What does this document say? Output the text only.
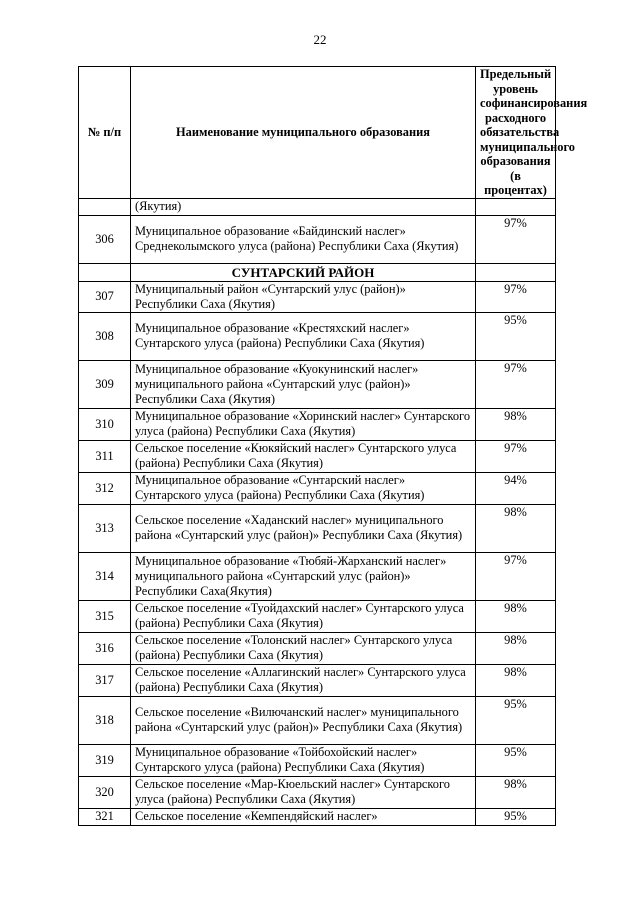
22
№ п/п	Наименование муниципального образования	Предельный уровень софинансирования расходного обязательства муниципального образования (в процентах)
	(Якутия)	
306	Муниципальное образование «Байдинский наслег» Среднеколымского улуса (района) Республики Саха (Якутия)	97%
	СУНТАРСКИЙ РАЙОН	
307	Муниципальный район «Сунтарский улус (район)» Республики Саха (Якутия)	97%
308	Муниципальное образование «Крестяхский наслег» Сунтарского улуса (района) Республики Саха (Якутия)	95%
309	Муниципальное образование «Куокунинский наслег» муниципального района «Сунтарский улус (район)» Республики Саха (Якутия)	97%
310	Муниципальное образование «Хоринский наслег» Сунтарского улуса (района) Республики Саха (Якутия)	98%
311	Сельское поселение «Кюкяйский наслег» Сунтарского улуса (района) Республики Саха (Якутия)	97%
312	Муниципальное образование «Сунтарский наслег» Сунтарского улуса (района) Республики Саха (Якутия)	94%
313	Сельское поселение «Хаданский наслег» муниципального района «Сунтарский улус (район)» Республики Саха (Якутия)	98%
314	Муниципальное образование «Тюбяй-Жарханский наслег» муниципального района «Сунтарский улус (район)» Республики Саха(Якутия)	97%
315	Сельское поселение «Туойдахский наслег» Сунтарского улуса (района) Республики Саха (Якутия)	98%
316	Сельское поселение «Толонский наслег» Сунтарского улуса (района) Республики Саха (Якутия)	98%
317	Сельское поселение «Аллагинский наслег» Сунтарского улуса (района) Республики Саха (Якутия)	98%
318	Сельское поселение «Вилючанский наслег» муниципального района «Сунтарский улус (район)» Республики Саха (Якутия)	95%
319	Муниципальное образование «Тойбохойский наслег» Сунтарского улуса (района) Республики Саха (Якутия)	95%
320	Сельское поселение «Мар-Кюельский наслег» Сунтарского улуса (района) Республики Саха (Якутия)	98%
321	Сельское поселение «Кемпендяйский наслег»	95%
